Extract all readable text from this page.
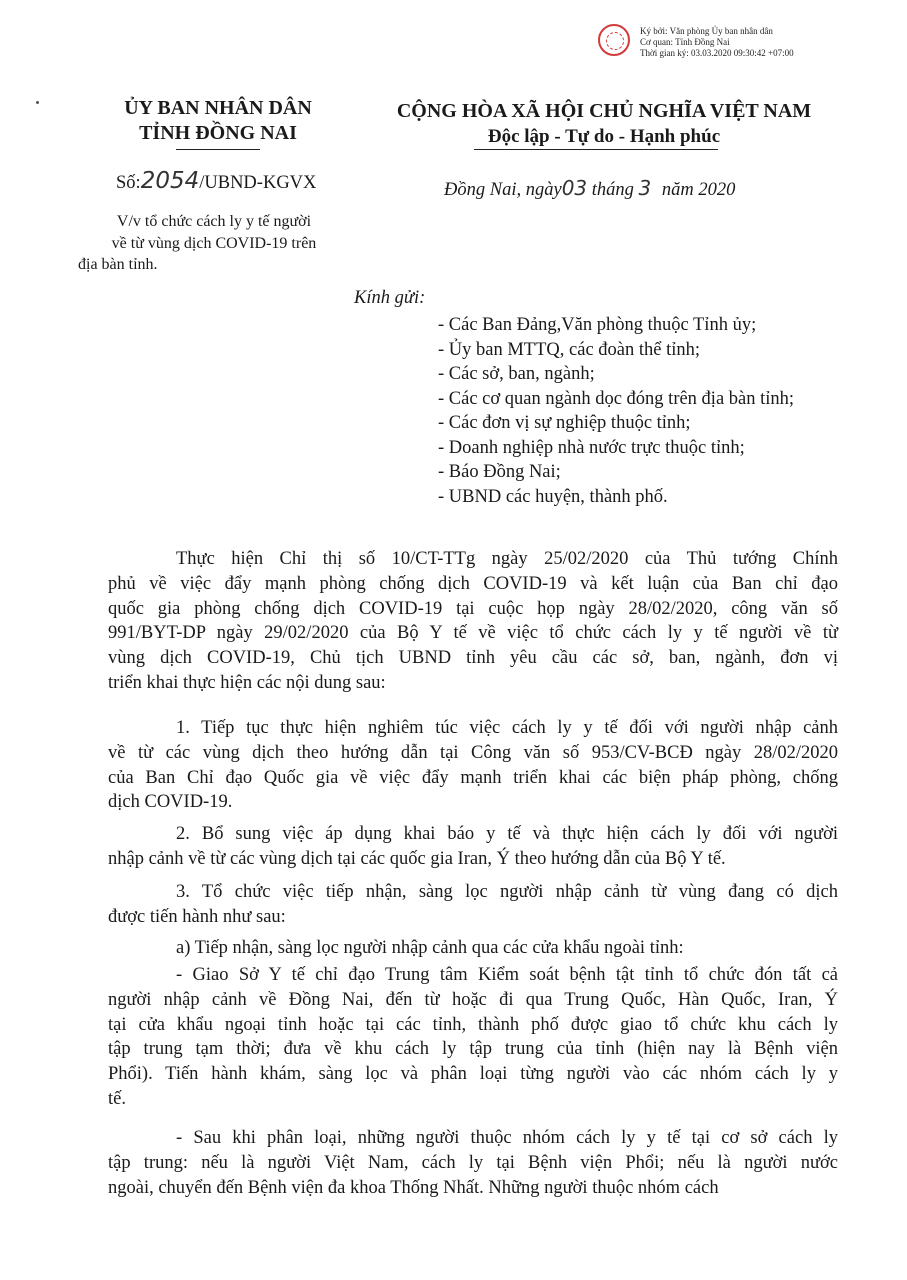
Ký bởi: Văn phòng Ủy ban nhân dân
Cơ quan: Tỉnh Đồng Nai
Thời gian ký: 03.03.2020 09:30:42 +07:00
ỦY BAN NHÂN DÂN
TỈNH ĐỒNG NAI
CỘNG HÒA XÃ HỘI CHỦ NGHĨA VIỆT NAM
Độc lập - Tự do - Hạnh phúc
Số:2054/UBND-KGVX	Đồng Nai, ngày03 tháng 3 năm 2020
V/v tổ chức cách ly y tế người
về từ vùng dịch COVID-19 trên
địa bàn tỉnh.
Kính gửi:
- Các Ban Đảng,Văn phòng thuộc Tỉnh ủy;
- Ủy ban MTTQ, các đoàn thể tỉnh;
- Các sở, ban, ngành;
- Các cơ quan ngành dọc đóng trên địa bàn tỉnh;
- Các đơn vị sự nghiệp thuộc tỉnh;
- Doanh nghiệp nhà nước trực thuộc tỉnh;
- Báo Đồng Nai;
- UBND các huyện, thành phố.
Thực hiện Chỉ thị số 10/CT-TTg ngày 25/02/2020 của Thủ tướng Chính
phủ về việc đẩy mạnh phòng chống dịch COVID-19 và kết luận của Ban chỉ đạo
quốc gia phòng chống dịch COVID-19 tại cuộc họp ngày 28/02/2020, công văn số
991/BYT-DP ngày 29/02/2020 của Bộ Y tế về việc tổ chức cách ly y tế người về từ
vùng dịch COVID-19, Chủ tịch UBND tỉnh yêu cầu các sở, ban, ngành, đơn vị
triển khai thực hiện các nội dung sau:
1. Tiếp tục thực hiện nghiêm túc việc cách ly y tế đối với người nhập cảnh
về từ các vùng dịch theo hướng dẫn tại Công văn số 953/CV-BCĐ ngày 28/02/2020
của Ban Chỉ đạo Quốc gia về việc đẩy mạnh triển khai các biện pháp phòng, chống
dịch COVID-19.
2. Bổ sung việc áp dụng khai báo y tế và thực hiện cách ly đối với người
nhập cảnh về từ các vùng dịch tại các quốc gia Iran, Ý theo hướng dẫn của Bộ Y tế.
3. Tổ chức việc tiếp nhận, sàng lọc người nhập cảnh từ vùng đang có dịch
được tiến hành như sau:
a) Tiếp nhận, sàng lọc người nhập cảnh qua các cửa khẩu ngoài tỉnh:
- Giao Sở Y tế chỉ đạo Trung tâm Kiểm soát bệnh tật tỉnh tổ chức đón tất cả
người nhập cảnh về Đồng Nai, đến từ hoặc đi qua Trung Quốc, Hàn Quốc, Iran, Ý
tại cửa khẩu ngoại tỉnh hoặc tại các tỉnh, thành phố được giao tổ chức khu cách ly
tập trung tạm thời; đưa về khu cách ly tập trung của tỉnh (hiện nay là Bệnh viện
Phổi). Tiến hành khám, sàng lọc và phân loại từng người vào các nhóm cách ly y
tế.
- Sau khi phân loại, những người thuộc nhóm cách ly y tế tại cơ sở cách ly
tập trung: nếu là người Việt Nam, cách ly tại Bệnh viện Phổi; nếu là người nước
ngoài, chuyển đến Bệnh viện đa khoa Thống Nhất. Những người thuộc nhóm cách
